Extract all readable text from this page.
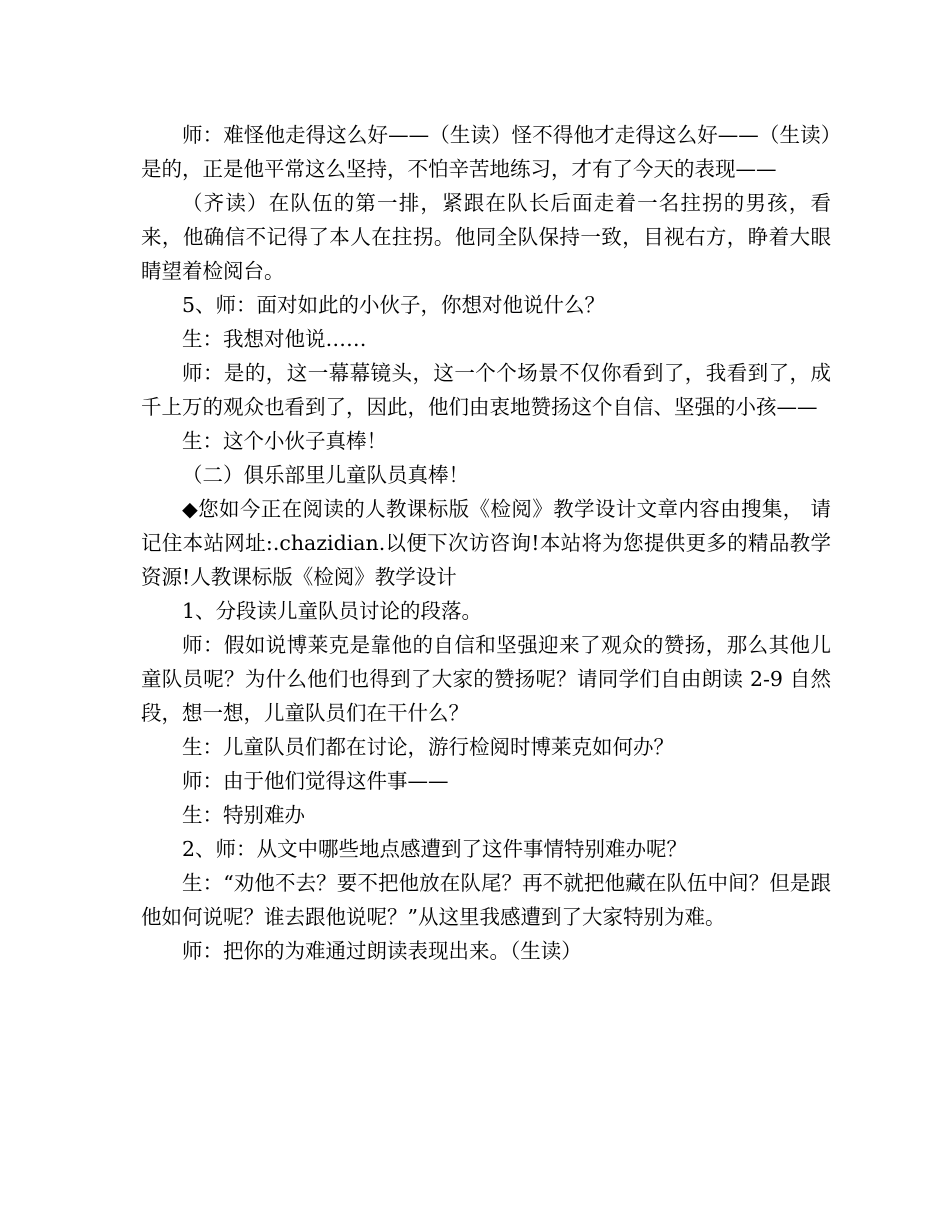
师：难怪他走得这么好——（生读）怪不得他才走得这么好——（生读）是的，正是他平常这么坚持，不怕辛苦地练习，才有了今天的表现——

（齐读）在队伍的第一排，紧跟在队长后面走着一名拄拐的男孩，看来，他确信不记得了本人在拄拐。他同全队保持一致，目视右方，睁着大眼睛望着检阅台。

5、师：面对如此的小伙子，你想对他说什么？

生：我想对他说……

师：是的，这一幕幕镜头，这一个个场景不仅你看到了，我看到了，成千上万的观众也看到了，因此，他们由衷地赞扬这个自信、坚强的小孩——

生：这个小伙子真棒！

（二）俱乐部里儿童队员真棒！

◆您如今正在阅读的人教课标版《检阅》教学设计文章内容由搜集， 请记住本站网址:.chazidian.以便下次访咨询!本站将为您提供更多的精品教学资源!人教课标版《检阅》教学设计

1、分段读儿童队员讨论的段落。

师：假如说博莱克是靠他的自信和坚强迎来了观众的赞扬，那么其他儿童队员呢？为什么他们也得到了大家的赞扬呢？请同学们自由朗读 2-9 自然段，想一想，儿童队员们在干什么？

生：儿童队员们都在讨论，游行检阅时博莱克如何办？

师：由于他们觉得这件事——

生：特别难办

2、师：从文中哪些地点感遭到了这件事情特别难办呢？

生：“劝他不去？要不把他放在队尾？再不就把他藏在队伍中间？但是跟他如何说呢？谁去跟他说呢？”从这里我感遭到了大家特别为难。

师：把你的为难通过朗读表现出来。（生读）
